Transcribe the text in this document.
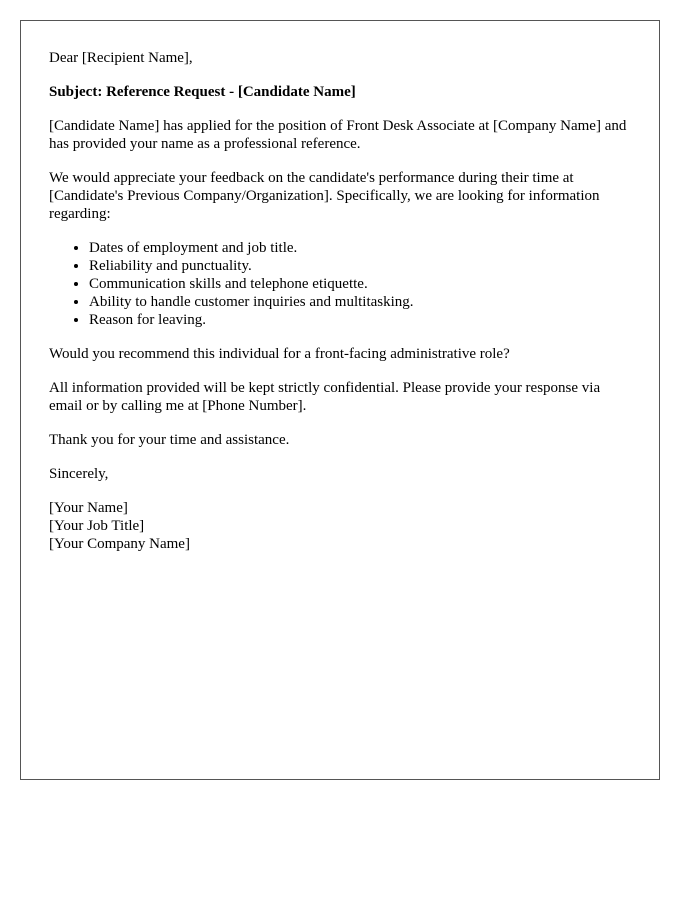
Dear [Recipient Name],

Subject: Reference Request - [Candidate Name]

[Candidate Name] has applied for the position of Front Desk Associate at [Company Name] and has provided your name as a professional reference.

We would appreciate your feedback on the candidate's performance during their time at [Candidate's Previous Company/Organization]. Specifically, we are looking for information regarding:

• Dates of employment and job title.
• Reliability and punctuality.
• Communication skills and telephone etiquette.
• Ability to handle customer inquiries and multitasking.
• Reason for leaving.

Would you recommend this individual for a front-facing administrative role?

All information provided will be kept strictly confidential. Please provide your response via email or by calling me at [Phone Number].

Thank you for your time and assistance.

Sincerely,

[Your Name]
[Your Job Title]
[Your Company Name]
